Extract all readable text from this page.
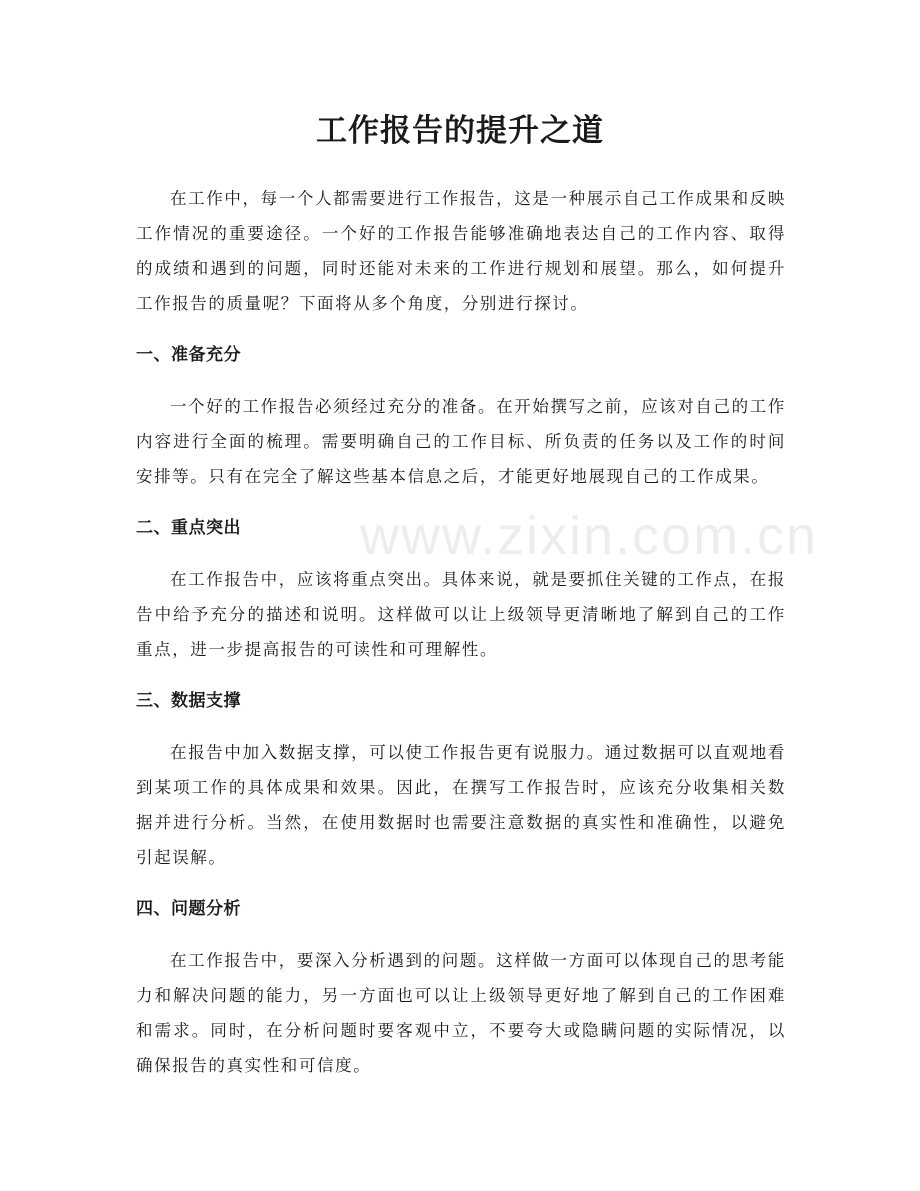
工作报告的提升之道

在工作中，每一个人都需要进行工作报告，这是一种展示自己工作成果和反映工作情况的重要途径。一个好的工作报告能够准确地表达自己的工作内容、取得的成绩和遇到的问题，同时还能对未来的工作进行规划和展望。那么，如何提升工作报告的质量呢？下面将从多个角度，分别进行探讨。

一、准备充分

一个好的工作报告必须经过充分的准备。在开始撰写之前，应该对自己的工作内容进行全面的梳理。需要明确自己的工作目标、所负责的任务以及工作的时间安排等。只有在完全了解这些基本信息之后，才能更好地展现自己的工作成果。

二、重点突出

在工作报告中，应该将重点突出。具体来说，就是要抓住关键的工作点，在报告中给予充分的描述和说明。这样做可以让上级领导更清晰地了解到自己的工作重点，进一步提高报告的可读性和可理解性。

三、数据支撑

在报告中加入数据支撑，可以使工作报告更有说服力。通过数据可以直观地看到某项工作的具体成果和效果。因此，在撰写工作报告时，应该充分收集相关数据并进行分析。当然，在使用数据时也需要注意数据的真实性和准确性，以避免引起误解。

四、问题分析

在工作报告中，要深入分析遇到的问题。这样做一方面可以体现自己的思考能力和解决问题的能力，另一方面也可以让上级领导更好地了解到自己的工作困难和需求。同时，在分析问题时要客观中立，不要夸大或隐瞒问题的实际情况，以确保报告的真实性和可信度。

www.zixin.com.cn
